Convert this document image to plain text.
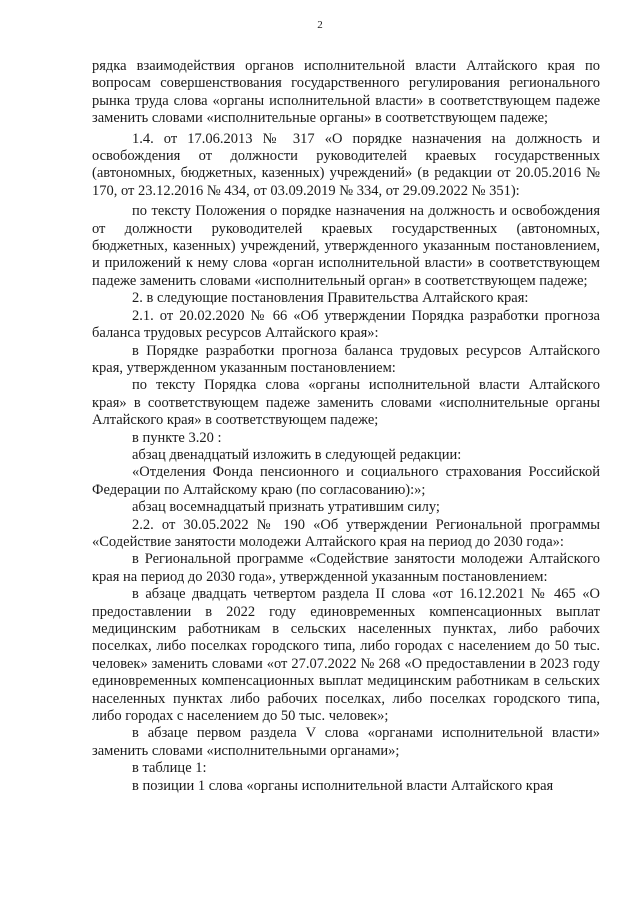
2

рядка взаимодействия органов исполнительной власти Алтайского края по вопросам совершенствования государственного регулирования регионального рынка труда слова «органы исполнительной власти» в соответствующем падеже заменить словами «исполнительные органы» в соответствующем падеже;

1.4. от 17.06.2013 № 317 «О порядке назначения на должность и освобождения от должности руководителей краевых государственных (автономных, бюджетных, казенных) учреждений» (в редакции от 20.05.2016 № 170, от 23.12.2016 № 434, от 03.09.2019 № 334, от 29.09.2022 № 351):

по тексту Положения о порядке назначения на должность и освобождения от должности руководителей краевых государственных (автономных, бюджетных, казенных) учреждений, утвержденного указанным постановлением, и приложений к нему слова «орган исполнительной власти» в соответствующем падеже заменить словами «исполнительный орган» в соответствующем падеже;

2. в следующие постановления Правительства Алтайского края:

2.1. от 20.02.2020 № 66 «Об утверждении Порядка разработки прогноза баланса трудовых ресурсов Алтайского края»:

в Порядке разработки прогноза баланса трудовых ресурсов Алтайского края, утвержденном указанным постановлением:

по тексту Порядка слова «органы исполнительной власти Алтайского края» в соответствующем падеже заменить словами «исполнительные органы Алтайского края» в соответствующем падеже;

в пункте 3.20 :

абзац двенадцатый изложить в следующей редакции:

«Отделения Фонда пенсионного и социального страхования Российской Федерации по Алтайскому краю (по согласованию):»;

абзац восемнадцатый признать утратившим силу;

2.2. от 30.05.2022 № 190 «Об утверждении Региональной программы «Содействие занятости молодежи Алтайского края на период до 2030 года»:

в Региональной программе «Содействие занятости молодежи Алтайского края на период до 2030 года», утвержденной указанным постановлением:

в абзаце двадцать четвертом раздела II слова «от 16.12.2021 № 465 «О предоставлении в 2022 году единовременных компенсационных выплат медицинским работникам в сельских населенных пунктах, либо рабочих поселках, либо поселках городского типа, либо городах с населением до 50 тыс. человек» заменить словами «от 27.07.2022 № 268 «О предоставлении в 2023 году единовременных компенсационных выплат медицинским работникам в сельских населенных пунктах либо рабочих поселках, либо поселках городского типа, либо городах с населением до 50 тыс. человек»;

в абзаце первом раздела V слова «органами исполнительной власти» заменить словами «исполнительными органами»;

в таблице 1:

в позиции 1 слова «органы исполнительной власти Алтайского края
